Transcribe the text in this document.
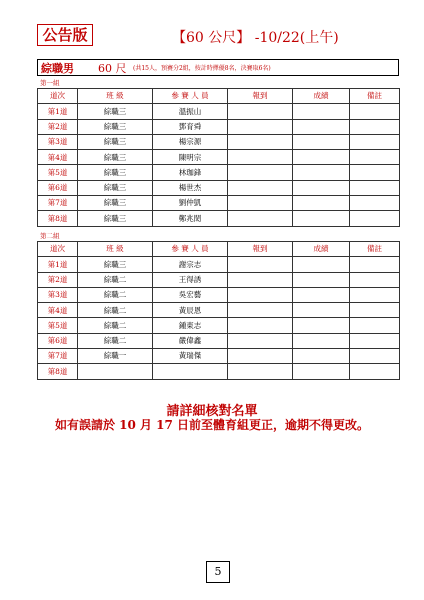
公告版	【60 公尺】 -10/22(上午)
綜職男 60 尺 (共15人，預賽分2組，按計時擇優8名，決賽取6名)
第一組
道次	班 級	參 賽 人 員	報到	成績	備註
第1道	綜職三	溫振山			
第2道	綜職三	鄧育舜			
第3道	綜職三	楊宗源			
第4道	綜職三	陳明宗			
第5道	綜職三	林珈鋒			
第6道	綜職三	楊世杰			
第7道	綜職三	劉仲凱			
第8道	綜職三	鄭兆閎			
第二組
道次	班 級	參 賽 人 員	報到	成績	備註
第1道	綜職三	謝宗志			
第2道	綜職二	王得誘			
第3道	綜職二	吳宏藝			
第4道	綜職二	黃辰恩			
第5道	綜職二	鍾東志			
第6道	綜職二	嚴偉鑫			
第7道	綜職一	黃瑞傑			
第8道					
請詳細核對名單
如有誤請於 10 月 17 日前至體育組更正，逾期不得更改。
5
